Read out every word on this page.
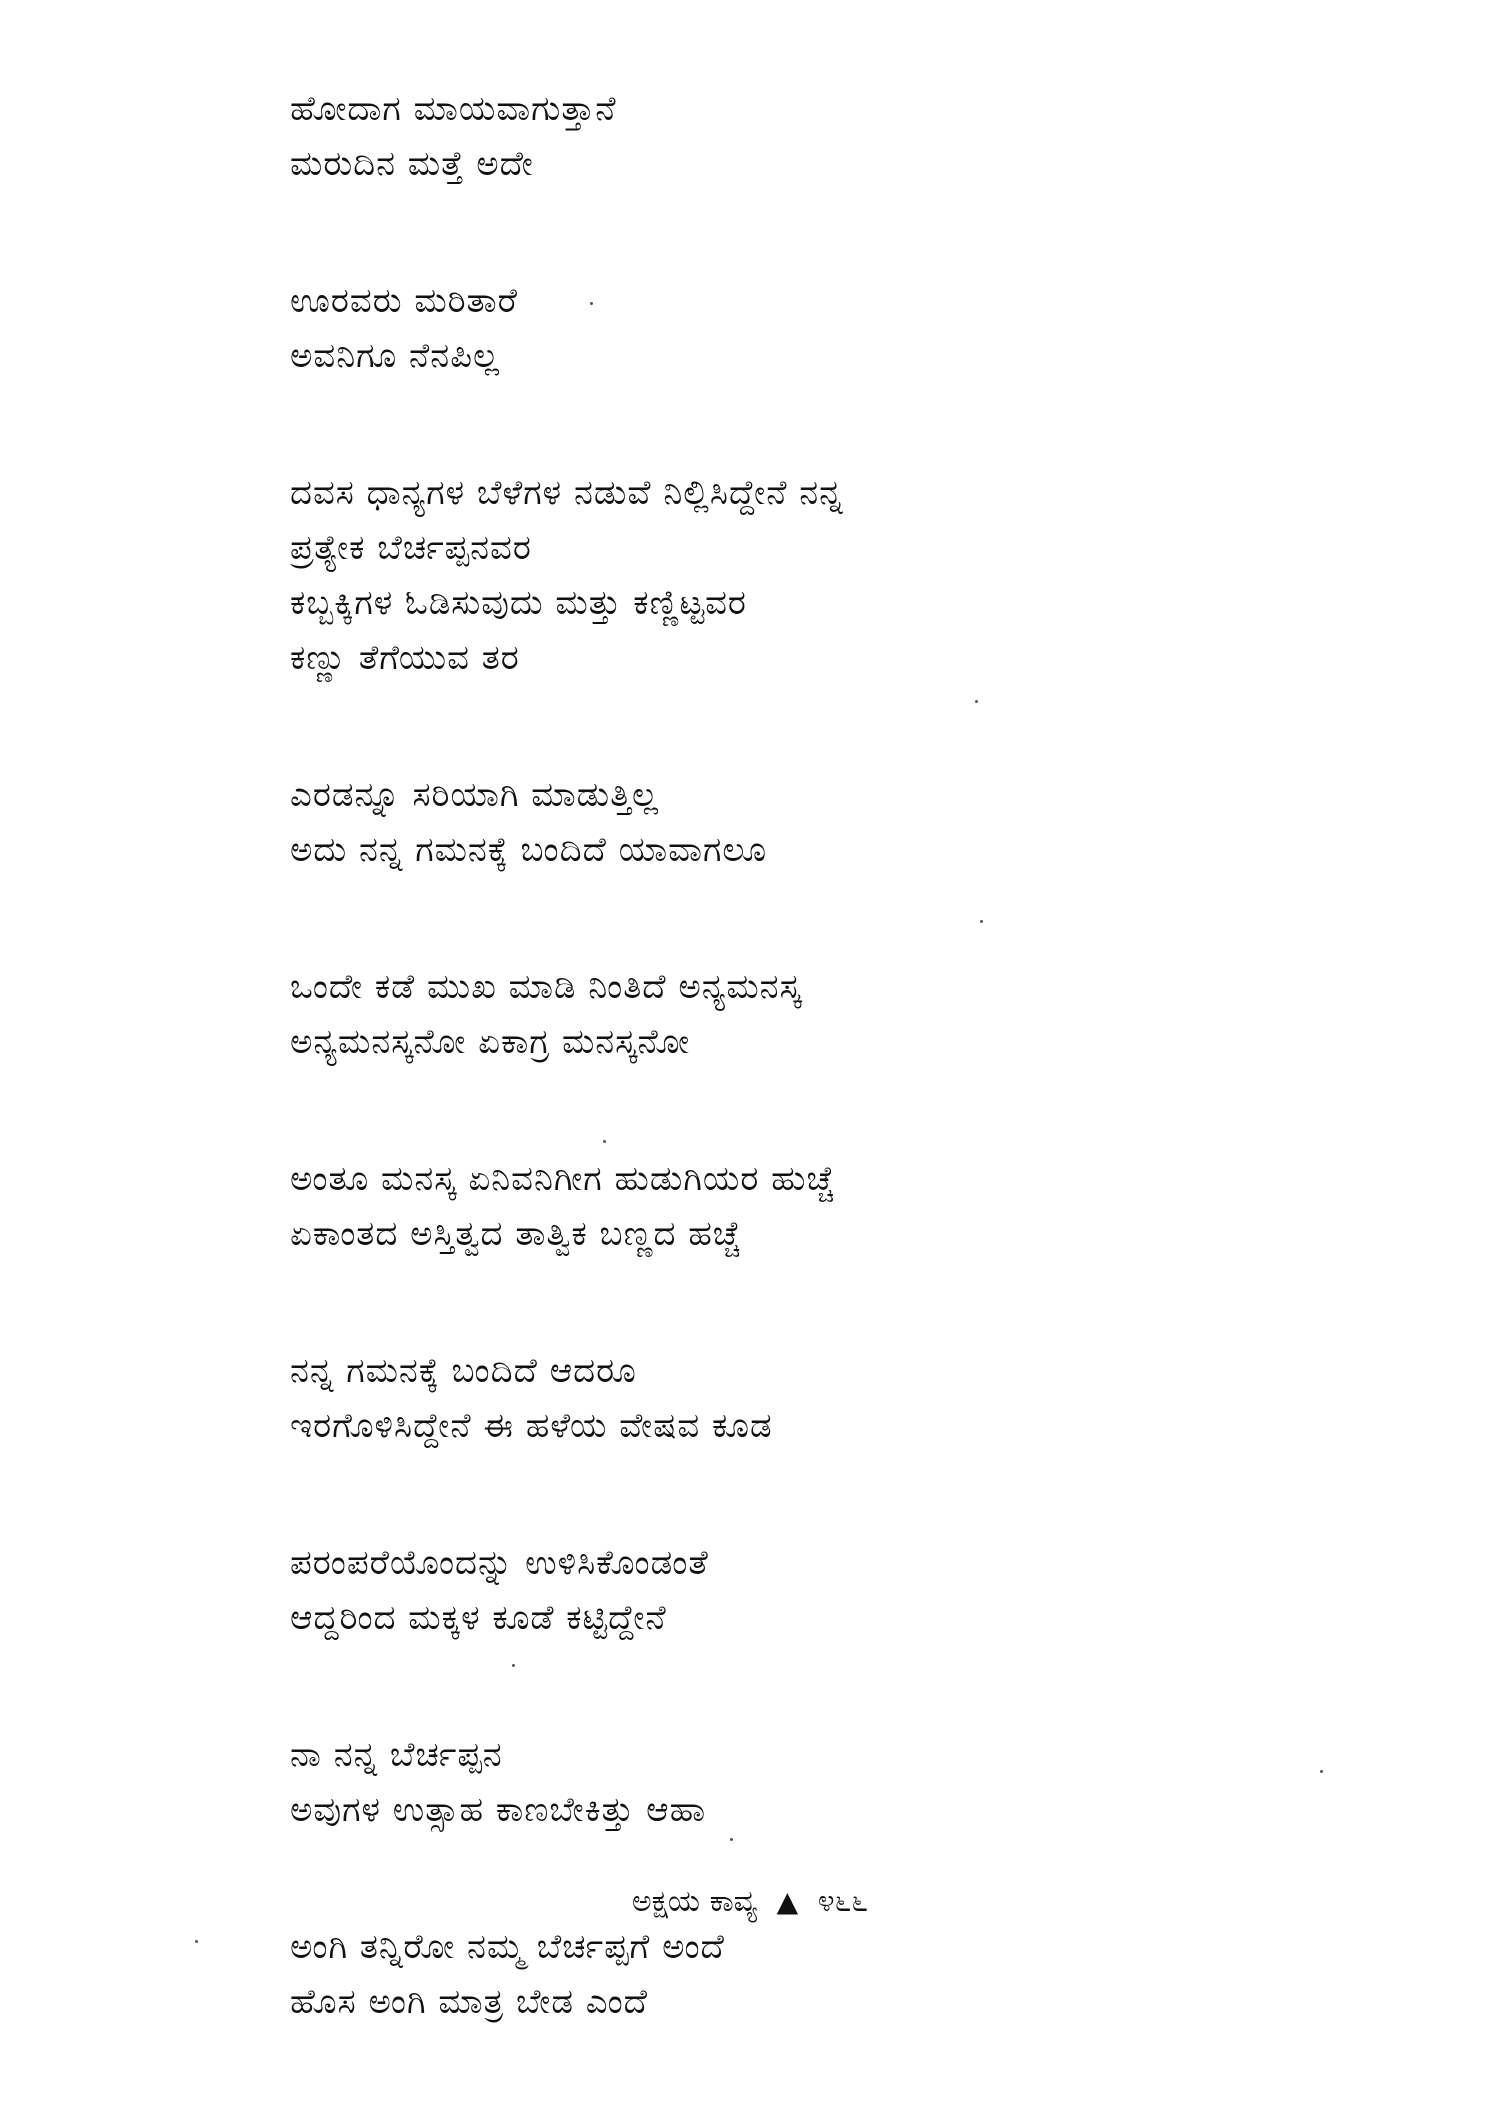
ಹೋದಾಗ ಮಾಯವಾಗುತ್ತಾನೆ
ಮರುದಿನ ಮತ್ತೆ ಅದೇ
ಊರವರು ಮರಿತಾರೆ
ಅವನಿಗೂ ನೆನಪಿಲ್ಲ
ದವಸ ಧಾನ್ಯಗಳ ಬೆಳೆಗಳ ನಡುವೆ ನಿಲ್ಲಿಸಿದ್ದೇನೆ ನನ್ನ
ಪ್ರತ್ಯೇಕ ಬೆರ್ಚಪ್ಪನವರ
ಕಬ್ಬಕ್ಕಿಗಳ ಓಡಿಸುವುದು ಮತ್ತು ಕಣ್ಣಿಟ್ಟವರ
ಕಣ್ಣು ತೆಗೆಯುವ ತರ
ಎರಡನ್ನೂ ಸರಿಯಾಗಿ ಮಾಡುತ್ತಿಲ್ಲ
ಅದು ನನ್ನ ಗಮನಕ್ಕೆ ಬಂದಿದೆ ಯಾವಾಗಲೂ
ಒಂದೇ ಕಡೆ ಮುಖ ಮಾಡಿ ನಿಂತಿದೆ ಅನ್ಯಮನಸ್ಕ
ಅನ್ಯಮನಸ್ಕನೋ ಏಕಾಗ್ರ ಮನಸ್ಕನೋ
ಅಂತೂ ಮನಸ್ಕ ಏನಿವನಿಗೀಗ ಹುಡುಗಿಯರ ಹುಚ್ಚೆ
ಏಕಾಂತದ ಅಸ್ತಿತ್ವದ ತಾತ್ವಿಕ ಬಣ್ಣದ ಹಚ್ಚೆ
ನನ್ನ ಗಮನಕ್ಕೆ ಬಂದಿದೆ ಆದರೂ
ಇರಗೊಳಿಸಿದ್ದೇನೆ ಈ ಹಳೆಯ ವೇಷವ ಕೂಡ
ಪರಂಪರೆಯೊಂದನ್ನು ಉಳಿಸಿಕೊಂಡಂತೆ
ಆದ್ದರಿಂದ ಮಕ್ಕಳ ಕೂಡೆ ಕಟ್ಟಿದ್ದೇನೆ
ನಾ ನನ್ನ ಬೆರ್ಚಪ್ಪನ
ಅವುಗಳ ಉತ್ಸಾಹ ಕಾಣಬೇಕಿತ್ತು ಆಹಾ
ಅಂಗಿ ತನ್ನಿರೋ ನಮ್ಮ ಬೆರ್ಚಪ್ಪಗೆ ಅಂದೆ
ಹೊಸ ಅಂಗಿ ಮಾತ್ರ ಬೇಡ ಎಂದೆ
ಅಕ್ಷಯ ಕಾವ್ಯ ▲ ೪೬೬
